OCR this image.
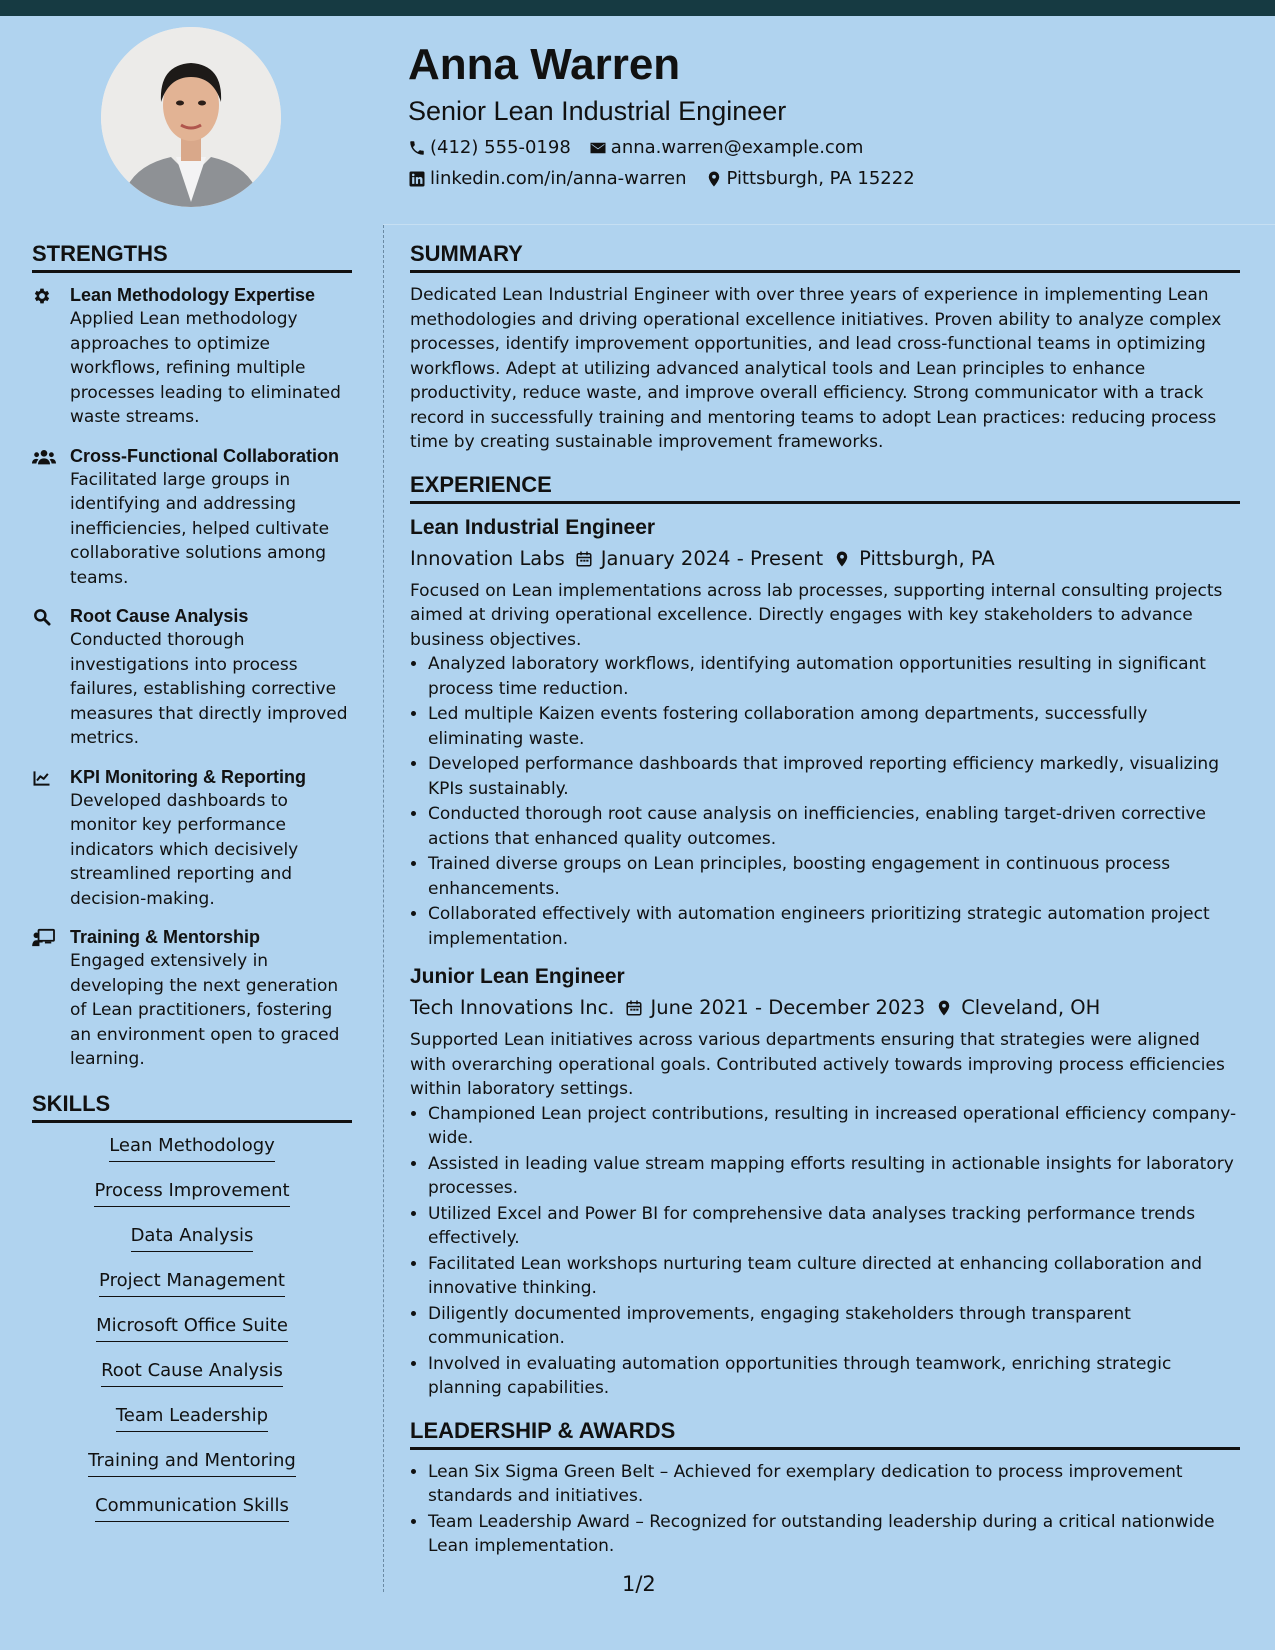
Anna Warren
Senior Lean Industrial Engineer
(412) 555-0198 anna.warren@example.com
linkedin.com/in/anna-warren Pittsburgh, PA 15222
STRENGTHS
Lean Methodology Expertise
Applied Lean methodology approaches to optimize workflows, refining multiple processes leading to eliminated waste streams.
Cross-Functional Collaboration
Facilitated large groups in identifying and addressing inefficiencies, helped cultivate collaborative solutions among teams.
Root Cause Analysis
Conducted thorough investigations into process failures, establishing corrective measures that directly improved metrics.
KPI Monitoring & Reporting
Developed dashboards to monitor key performance indicators which decisively streamlined reporting and decision-making.
Training & Mentorship
Engaged extensively in developing the next generation of Lean practitioners, fostering an environment open to graced learning.
SKILLS
Lean Methodology
Process Improvement
Data Analysis
Project Management
Microsoft Office Suite
Root Cause Analysis
Team Leadership
Training and Mentoring
Communication Skills
SUMMARY

Dedicated Lean Industrial Engineer with over three years of experience in implementing Lean methodologies and driving operational excellence initiatives. Proven ability to analyze complex processes, identify improvement opportunities, and lead cross-functional teams in optimizing workflows. Adept at utilizing advanced analytical tools and Lean principles to enhance productivity, reduce waste, and improve overall efficiency. Strong communicator with a track record in successfully training and mentoring teams to adopt Lean practices: reducing process time by creating sustainable improvement frameworks.

EXPERIENCE
Lean Industrial Engineer
Innovation Labs January 2024 - Present Pittsburgh, PA
Focused on Lean implementations across lab processes, supporting internal consulting projects aimed at driving operational excellence. Directly engages with key stakeholders to advance business objectives.
• Analyzed laboratory workflows, identifying automation opportunities resulting in significant process time reduction.
• Led multiple Kaizen events fostering collaboration among departments, successfully eliminating waste.
• Developed performance dashboards that improved reporting efficiency markedly, visualizing KPIs sustainably.
• Conducted thorough root cause analysis on inefficiencies, enabling target-driven corrective actions that enhanced quality outcomes.
• Trained diverse groups on Lean principles, boosting engagement in continuous process enhancements.
• Collaborated effectively with automation engineers prioritizing strategic automation project implementation.
Junior Lean Engineer
Tech Innovations Inc. June 2021 - December 2023 Cleveland, OH
Supported Lean initiatives across various departments ensuring that strategies were aligned with overarching operational goals. Contributed actively towards improving process efficiencies within laboratory settings.
• Championed Lean project contributions, resulting in increased operational efficiency company-wide.
• Assisted in leading value stream mapping efforts resulting in actionable insights for laboratory processes.
• Utilized Excel and Power BI for comprehensive data analyses tracking performance trends effectively.
• Facilitated Lean workshops nurturing team culture directed at enhancing collaboration and innovative thinking.
• Diligently documented improvements, engaging stakeholders through transparent communication.
• Involved in evaluating automation opportunities through teamwork, enriching strategic planning capabilities.
LEADERSHIP & AWARDS
• Lean Six Sigma Green Belt – Achieved for exemplary dedication to process improvement standards and initiatives.
• Team Leadership Award – Recognized for outstanding leadership during a critical nationwide Lean implementation.
1/2
